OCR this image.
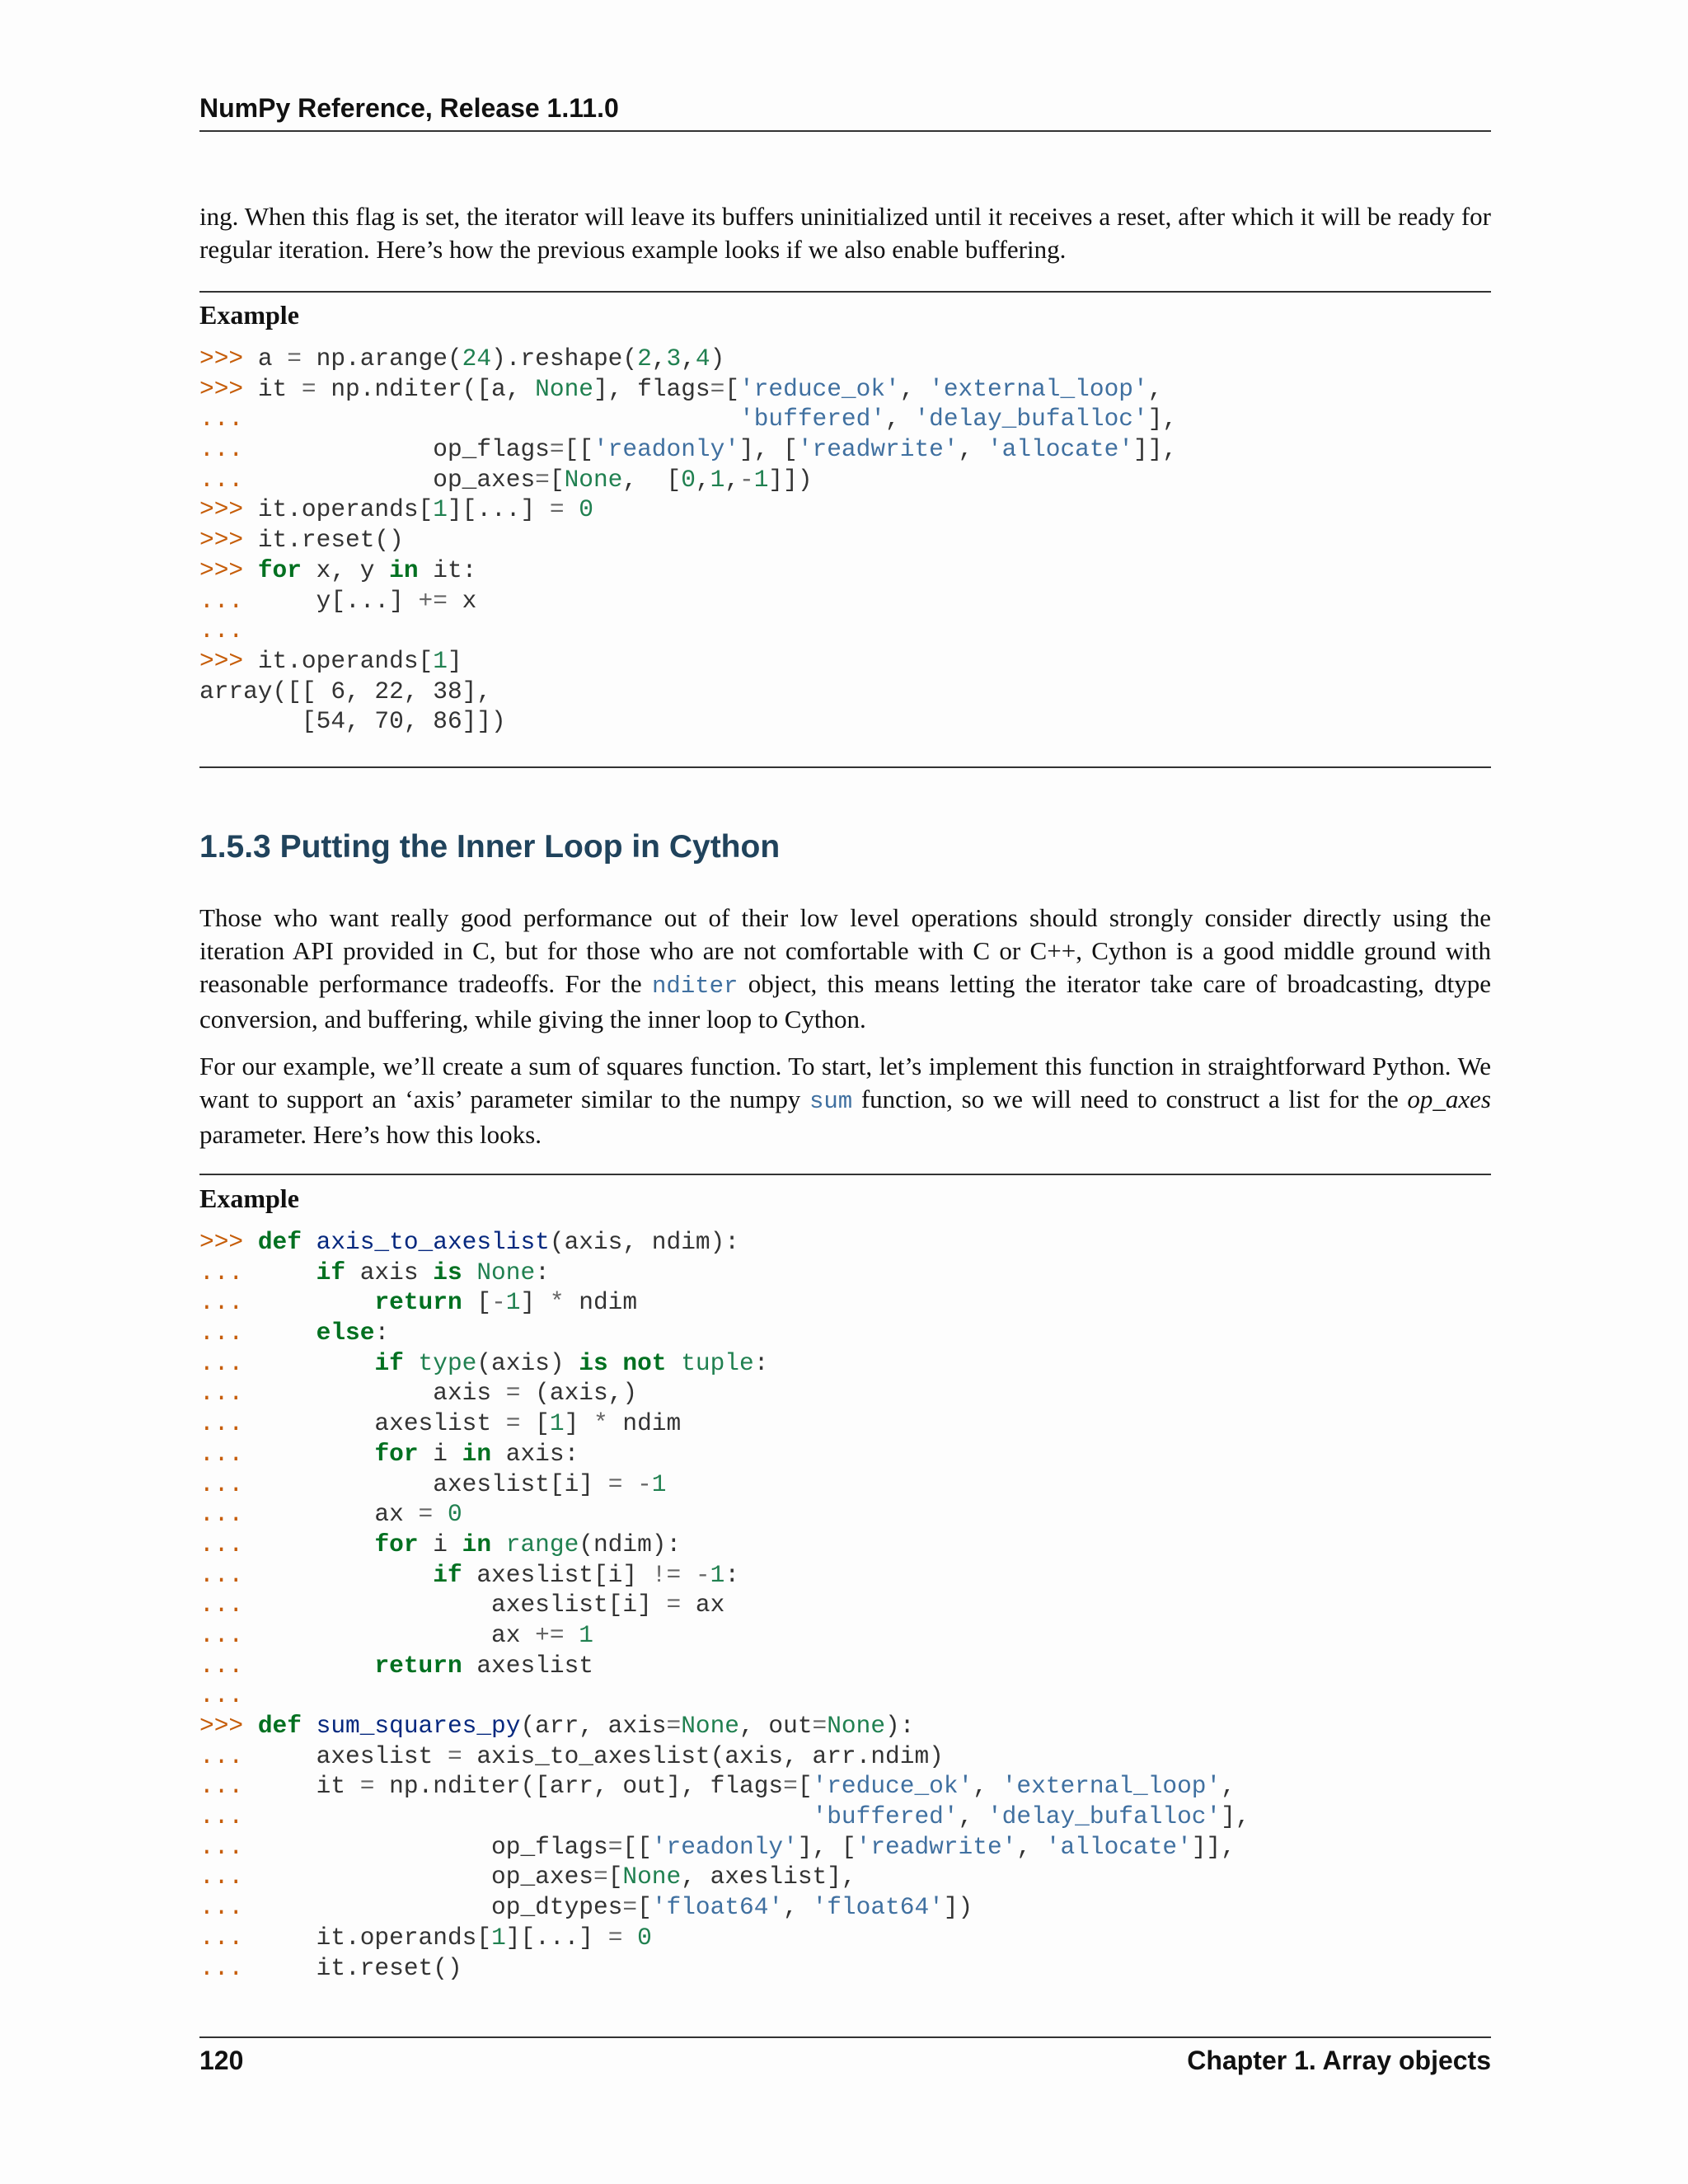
NumPy Reference, Release 1.11.0
ing. When this flag is set, the iterator will leave its buffers uninitialized until it receives a reset, after which it will be ready for regular iteration. Here’s how the previous example looks if we also enable buffering.
Example
>>> a = np.arange(24).reshape(2,3,4)
>>> it = np.nditer([a, None], flags=['reduce_ok', 'external_loop',
...	'buffered', 'delay_bufalloc'],
...             op_flags=[['readonly'], ['readwrite', 'allocate']],
...             op_axes=[None,  [0,1,-1]])
>>> it.operands[1][...] = 0
>>> it.reset()
>>> for x, y in it:
...     y[...] += x
...
>>> it.operands[1]
array([[ 6, 22, 38],
[54, 70, 86]])
1.5.3 Putting the Inner Loop in Cython
Those who want really good performance out of their low level operations should strongly consider directly using the iteration API provided in C, but for those who are not comfortable with C or C++, Cython is a good middle ground with reasonable performance tradeoffs. For the nditer object, this means letting the iterator take care of broadcasting, dtype conversion, and buffering, while giving the inner loop to Cython.
For our example, we’ll create a sum of squares function. To start, let’s implement this function in straightforward Python. We want to support an ‘axis’ parameter similar to the numpy sum function, so we will need to construct a list for the op_axes parameter. Here’s how this looks.
Example
>>> def axis_to_axeslist(axis, ndim):
...     if axis is None:
...	return [-1] * ndim
...     else:
...	if type(axis) is not tuple:
...             axis = (axis,)
...         axeslist = [1] * ndim
...	for i in axis:
...             axeslist[i] = -1
...         ax = 0
...	for i in range(ndim):
...	if axeslist[i] != -1:
...                 axeslist[i] = ax
...                 ax += 1
...	return axeslist
...
>>> def sum_squares_py(arr, axis=None, out=None):
...     axeslist = axis_to_axeslist(axis, arr.ndim)
...     it = np.nditer([arr, out], flags=['reduce_ok', 'external_loop',
...	'buffered', 'delay_bufalloc'],
...                 op_flags=[['readonly'], ['readwrite', 'allocate']],
...                 op_axes=[None, axeslist],
...                 op_dtypes=['float64', 'float64'])
...     it.operands[1][...] = 0
...     it.reset()
120	Chapter 1. Array objects
